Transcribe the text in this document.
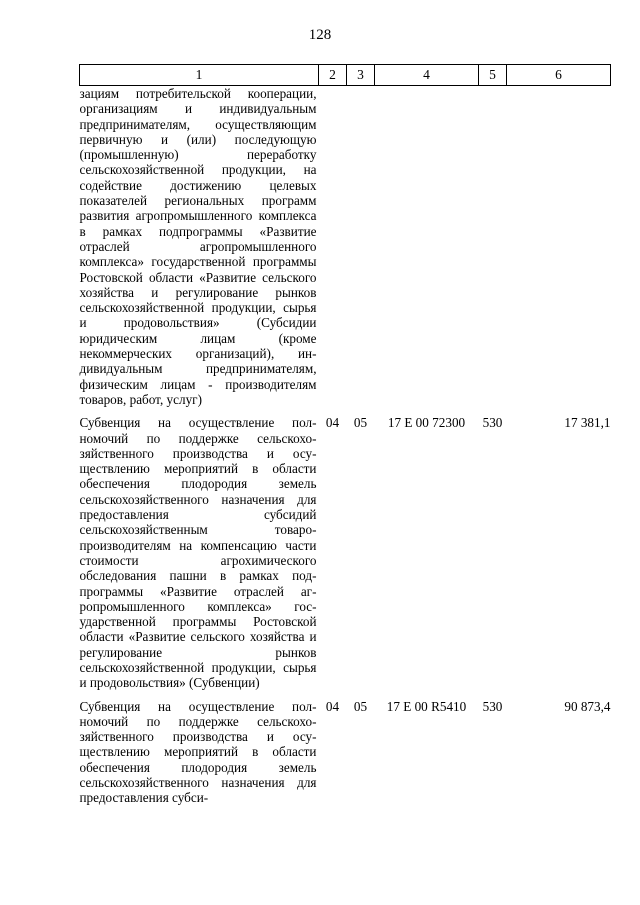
128
1	2	3	4	5	6
зациям потребительской кооперации, организациям и индивидуальным предпринимателям, осуществляющим первичную и (или) последующую (промышленную) переработку сельскохозяйственной продукции, на содействие достижению целевых показателей региональных программ развития агропромышленного комплекса в рамках подпрограммы «Развитие отраслей агропромышленного комплекса» государственной программы Ростовской области «Развитие сельского хозяйства и регулирование рынков сельскохозяйственной продукции, сырья и продовольствия» (Субсидии юридическим лицам (кроме некоммерческих организаций), индивидуальным предпринимателям, физическим лицам - производителям товаров, работ, услуг)					
Субвенция на осуществление полномочий по поддержке сельскохозяйственного производства и осуществлению мероприятий в области обеспечения плодородия земель сельскохозяйственного назначения для предоставления субсидий сельскохозяйственным товаропроизводителям на компенсацию части стоимости агрохимического обследования пашни в рамках подпрограммы «Развитие отраслей агропромышленного комплекса» государственной программы Ростовской области «Развитие сельского хозяйства и регулирование рынков сельскохозяйственной продукции, сырья и продовольствия» (Субвенции)	04	05	17 Е 00 72300	530	17 381,1
Субвенция на осуществление полномочий по поддержке сельскохозяйственного производства и осуществлению мероприятий в области обеспечения плодородия земель сельскохозяйственного назначения для предоставления субси-	04	05	17 Е 00 R5410	530	90 873,4
